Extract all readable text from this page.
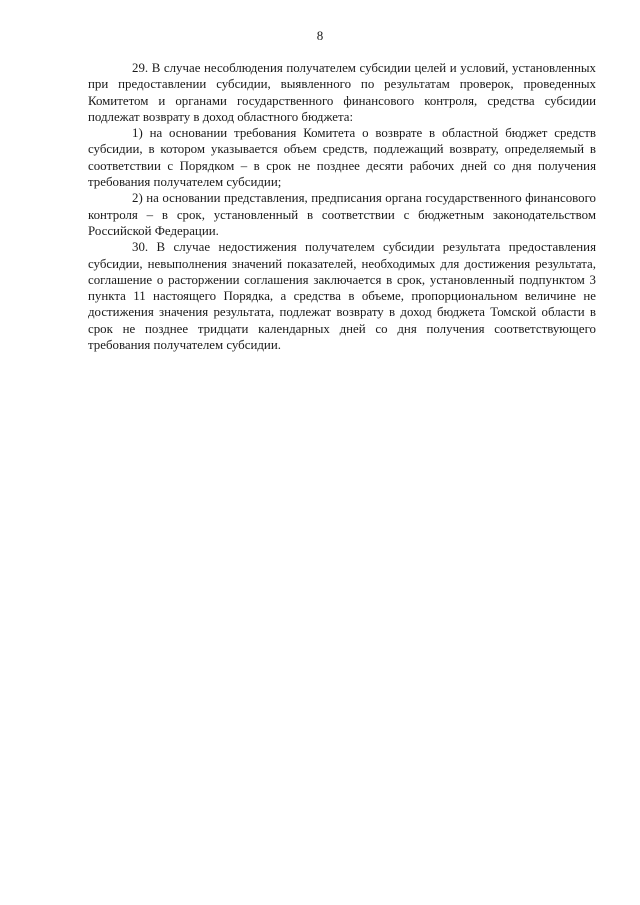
8

29. В случае несоблюдения получателем субсидии целей и условий, установленных при предоставлении субсидии, выявленного по результатам проверок, проведенных Комитетом и органами государственного финансового контроля, средства субсидии подлежат возврату в доход областного бюджета:

1) на основании требования Комитета о возврате в областной бюджет средств субсидии, в котором указывается объем средств, подлежащий возврату, определяемый в соответствии с Порядком – в срок не позднее десяти рабочих дней со дня получения требования получателем субсидии;

2) на основании представления, предписания органа государственного финансового контроля – в срок, установленный в соответствии с бюджетным законодательством Российской Федерации.

30. В случае недостижения получателем субсидии результата предоставления субсидии, невыполнения значений показателей, необходимых для достижения результата, соглашение о расторжении соглашения заключается в срок, установленный подпунктом 3 пункта 11 настоящего Порядка, а средства в объеме, пропорциональном величине не достижения значения результата, подлежат возврату в доход бюджета Томской области в срок не позднее тридцати календарных дней со дня получения соответствующего требования получателем субсидии.
